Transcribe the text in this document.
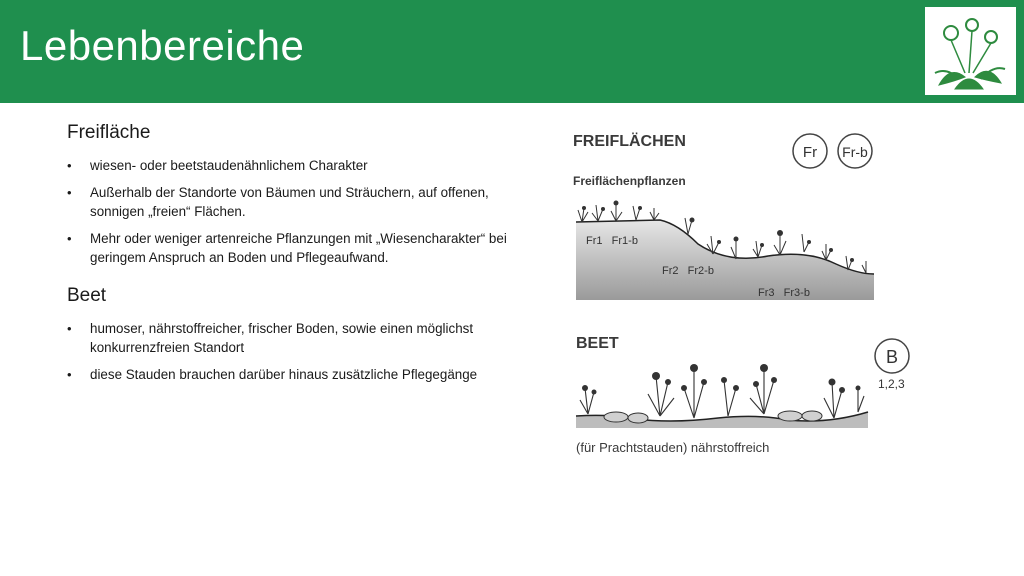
Lebenbereiche
Freifläche
• wiesen- oder beetstaudenähnlichem Charakter
• Außerhalb der Standorte von Bäumen und Sträuchern, auf offenen, sonnigen „freien“ Flächen.
• Mehr oder weniger artenreiche Pflanzungen mit „Wiesencharakter“ bei geringem Anspruch an Boden und Pflegeaufwand.
Beet
• humoser, nährstoffreicher, frischer Boden, sowie einen möglichst konkurrenzfreien Standort
• diese Stauden brauchen darüber hinaus zusätzliche Pflegegänge
FREIFLÄCHEN
Fr Fr-b
Freiflächenpflanzen
Fr1   Fr1-b
Fr2   Fr2-b
Fr3   Fr3-b
BEET
B
1,2,3
(für Prachtstauden) nährstoffreich
